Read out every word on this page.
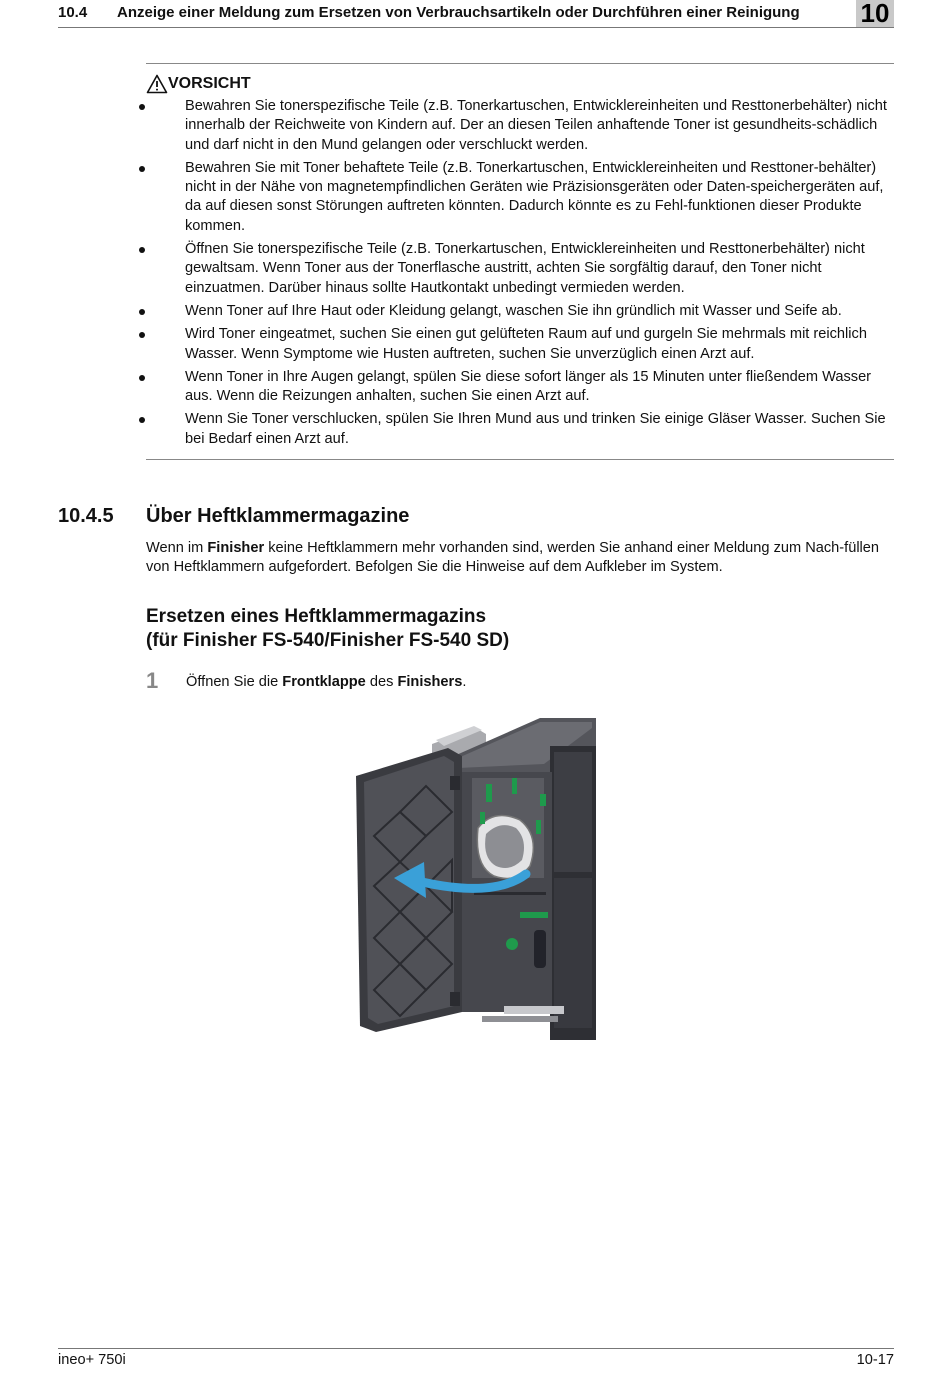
10.4 Anzeige einer Meldung zum Ersetzen von Verbrauchsartikeln oder Durchführen einer Reinigung 10
VORSICHT
Bewahren Sie tonerspezifische Teile (z.B. Tonerkartuschen, Entwicklereinheiten und Resttonerbehälter) nicht innerhalb der Reichweite von Kindern auf. Der an diesen Teilen anhaftende Toner ist gesundheits-schädlich und darf nicht in den Mund gelangen oder verschluckt werden.
Bewahren Sie mit Toner behaftete Teile (z.B. Tonerkartuschen, Entwicklereinheiten und Resttoner-behälter) nicht in der Nähe von magnetempfindlichen Geräten wie Präzisionsgeräten oder Daten-speichergeräten auf, da auf diesen sonst Störungen auftreten könnten. Dadurch könnte es zu Fehl-funktionen dieser Produkte kommen.
Öffnen Sie tonerspezifische Teile (z.B. Tonerkartuschen, Entwicklereinheiten und Resttonerbehälter) nicht gewaltsam. Wenn Toner aus der Tonerflasche austritt, achten Sie sorgfältig darauf, den Toner nicht einzuatmen. Darüber hinaus sollte Hautkontakt unbedingt vermieden werden.
Wenn Toner auf Ihre Haut oder Kleidung gelangt, waschen Sie ihn gründlich mit Wasser und Seife ab.
Wird Toner eingeatmet, suchen Sie einen gut gelüfteten Raum auf und gurgeln Sie mehrmals mit reichlich Wasser. Wenn Symptome wie Husten auftreten, suchen Sie unverzüglich einen Arzt auf.
Wenn Toner in Ihre Augen gelangt, spülen Sie diese sofort länger als 15 Minuten unter fließendem Wasser aus. Wenn die Reizungen anhalten, suchen Sie einen Arzt auf.
Wenn Sie Toner verschlucken, spülen Sie Ihren Mund aus und trinken Sie einige Gläser Wasser. Suchen Sie bei Bedarf einen Arzt auf.
10.4.5 Über Heftklammermagazine
Wenn im Finisher keine Heftklammern mehr vorhanden sind, werden Sie anhand einer Meldung zum Nach-füllen von Heftklammern aufgefordert. Befolgen Sie die Hinweise auf dem Aufkleber im System.
Ersetzen eines Heftklammermagazins
(für Finisher FS-540/Finisher FS-540 SD)
1 Öffnen Sie die Frontklappe des Finishers.
ineo+ 750i	10-17
